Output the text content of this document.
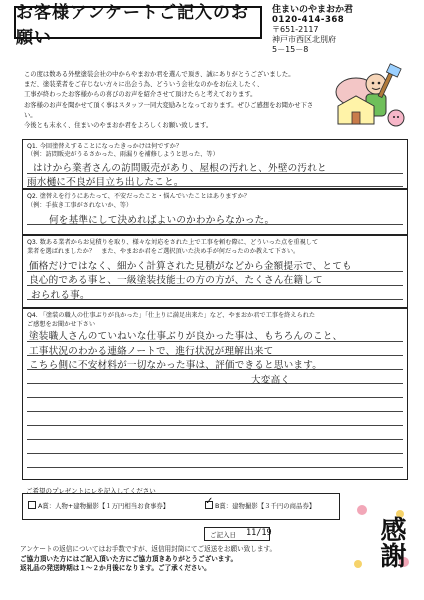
お客様アンケートご記入のお願い
住まいのやまおか君
0120-414-368
〒651-2117
神戸市西区北別府
5－15－8
この度は数ある外壁塗装会社の中からやまおか君を選んで頂き、誠にありがとうございました。
まだ、塗装業者をご存じない方々に出会う為、どういう会社なのかをお伝えしたく、
工事が終わったお客様からの喜びのお声を紹介させて頂けたらと考えております。
お客様のお声を聞かせて頂く事はスタッフ一同大変励みとなっております。ぜひご感想をお聞かせ下さい。
今後とも末永く、住まいのやまおか君をよろしくお願い致します。
Q1. 今回塗替えすることになったきっかけは何ですか？
（例：訪問販売がうるさかった、雨漏りを補修しようと思った、等）
はけから業者さんの訪問販売があり、屋根の汚れと、外壁の汚れと
雨水樋に不良が目立ち出したこと。
Q2. 塗替えを行うにあたって、不安だったこと・悩んでいたことはありますか？
（例：手抜き工事がされないか、等）
何を基準にして決めればよいのかわからなかった。
Q3. 数ある業者からお見積りを取り、様々な対応をされた上で工事を頼む際に、どういった点を重視して
業者を選ばれましたか？　また、やまおか君をご選択頂いた決め手が何だったのか教えて下さい。
価格だけではなく、細かく計算された見積がなどから金額提示で、とても
良心的である事と、一級塗装技能士の方の方が、たくさん在籍して
おられる事。
Q4. 「塗装の職人の仕事ぶりが良かった」「仕上りに満足出来た」など、やまおか君で工事を終えられた
ご感想をお聞かせ下さい
塗装職人さんのていねいな仕事ぶりが良かった事は、もちろんのこと、
工事状況のわかる連絡ノートで、進行状況が理解出来て
こちら側に不安材料が一切なかった事は、評価できると思います。
大変高く
ご希望のプレゼントにレを記入してください
A賞：人物+建物撮影【１万円相当お食事券】	✓ B賞：建物撮影【３千円の商品券】
ご記入日 11/19	感謝
アンケートの返信についてはお手数ですが、返信用封筒にてご返送をお願い致します。
ご協力頂いた方にはご記入頂いた方にご協力頂きありがとうございます。
返礼品の発送時期は１～２か月後になります。ご了承ください。
